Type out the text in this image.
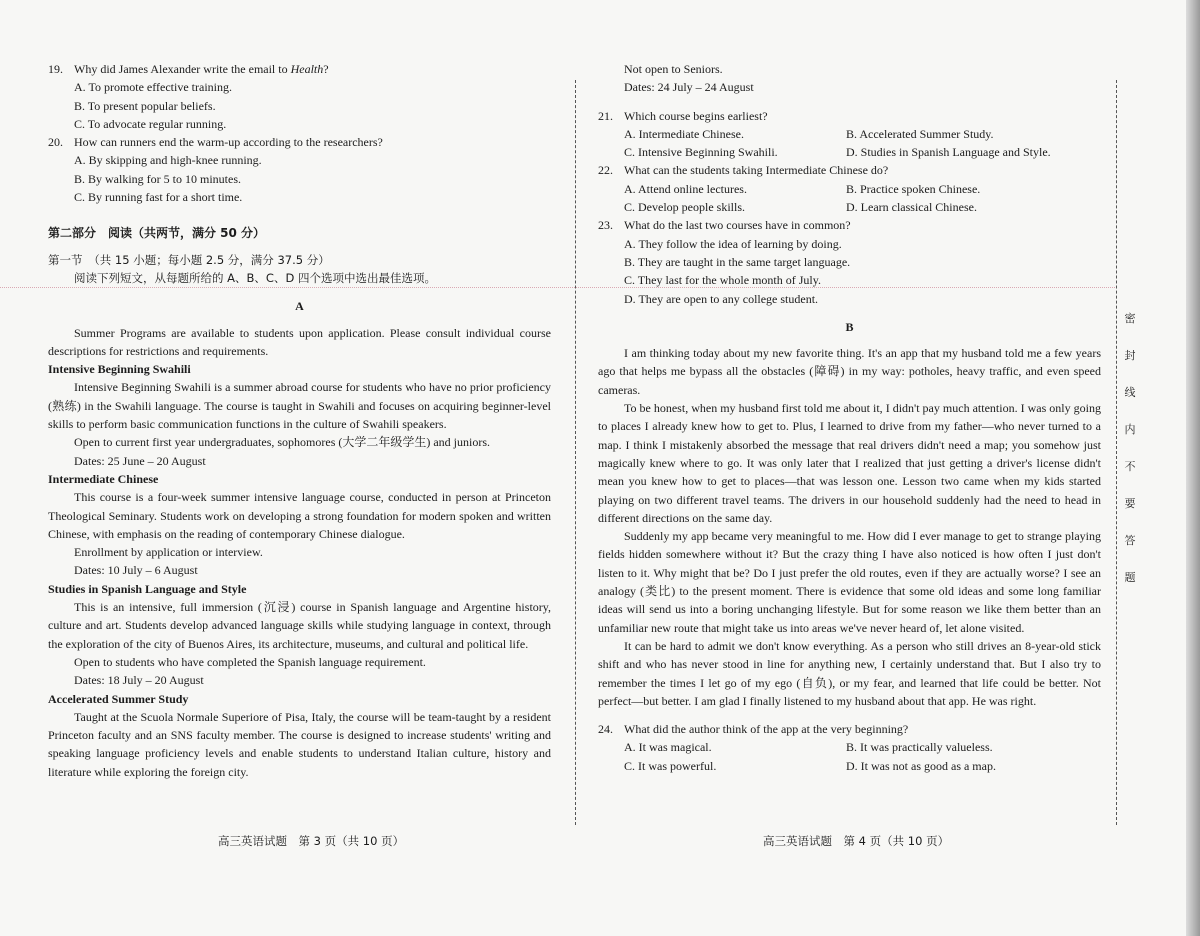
密
封
线
内
不
要
答
题
19. Why did James Alexander write the email to Health?
A. To promote effective training.
B. To present popular beliefs.
C. To advocate regular running.
20. How can runners end the warm-up according to the researchers?
A. By skipping and high-knee running.
B. By walking for 5 to 10 minutes.
C. By running fast for a short time.
第二部分　阅读（共两节，满分 50 分）
第一节　（共 15 小题；每小题 2.5 分，满分 37.5 分）
阅读下列短文，从每题所给的 A、B、C、D 四个选项中选出最佳选项。
A
Summer Programs are available to students upon application. Please consult individual course descriptions for restrictions and requirements.
Intensive Beginning Swahili
Intensive Beginning Swahili is a summer abroad course for students who have no prior proficiency (熟练) in the Swahili language. The course is taught in Swahili and focuses on acquiring beginner-level skills to perform basic communication functions in the culture of Swahili speakers.
Open to current first year undergraduates, sophomores (大学二年级学生) and juniors.
Dates: 25 June – 20 August
Intermediate Chinese
This course is a four-week summer intensive language course, conducted in person at Princeton Theological Seminary. Students work on developing a strong foundation for modern spoken and written Chinese, with emphasis on the reading of contemporary Chinese dialogue.
Enrollment by application or interview.
Dates: 10 July – 6 August
Studies in Spanish Language and Style
This is an intensive, full immersion (沉浸) course in Spanish language and Argentine history, culture and art. Students develop advanced language skills while studying language in context, through the exploration of the city of Buenos Aires, its architecture, museums, and cultural and political life.
Open to students who have completed the Spanish language requirement.
Dates: 18 July – 20 August
Accelerated Summer Study
Taught at the Scuola Normale Superiore of Pisa, Italy, the course will be team-taught by a resident Princeton faculty and an SNS faculty member. The course is designed to increase students' writing and speaking language proficiency levels and enable students to understand Italian culture, history and literature while exploring the foreign city.
Not open to Seniors.
Dates: 24 July – 24 August
21. Which course begins earliest?
A. Intermediate Chinese.	B. Accelerated Summer Study.
C. Intensive Beginning Swahili.	D. Studies in Spanish Language and Style.
22. What can the students taking Intermediate Chinese do?
A. Attend online lectures.	B. Practice spoken Chinese.
C. Develop people skills.	D. Learn classical Chinese.
23. What do the last two courses have in common?
A. They follow the idea of learning by doing.
B. They are taught in the same target language.
C. They last for the whole month of July.
D. They are open to any college student.
B
I am thinking today about my new favorite thing. It's an app that my husband told me a few years ago that helps me bypass all the obstacles (障碍) in my way: potholes, heavy traffic, and even speed cameras.
To be honest, when my husband first told me about it, I didn't pay much attention. I was only going to places I already knew how to get to. Plus, I learned to drive from my father—who never turned to a map. I think I mistakenly absorbed the message that real drivers didn't need a map; you somehow just magically knew where to go. It was only later that I realized that just getting a driver's license didn't mean you knew how to get to places—that was lesson one. Lesson two came when my kids started playing on two different travel teams. The drivers in our household suddenly had the need to head in different directions on the same day.
Suddenly my app became very meaningful to me. How did I ever manage to get to strange playing fields hidden somewhere without it? But the crazy thing I have also noticed is how often I just don't listen to it. Why might that be? Do I just prefer the old routes, even if they are actually worse? I see an analogy (类比) to the present moment. There is evidence that some old ideas and some long familiar ideas will send us into a boring unchanging lifestyle. But for some reason we like them better than an unfamiliar new route that might take us into areas we've never heard of, let alone visited.
It can be hard to admit we don't know everything. As a person who still drives an 8-year-old stick shift and who has never stood in line for anything new, I certainly understand that. But I also try to remember the times I let go of my ego (自负), or my fear, and learned that life could be better. Not perfect—but better. I am glad I finally listened to my husband about that app. He was right.
24. What did the author think of the app at the very beginning?
A. It was magical.	B. It was practically valueless.
C. It was powerful.	D. It was not as good as a map.
高三英语试题　第 3 页（共 10 页）	高三英语试题　第 4 页（共 10 页）
